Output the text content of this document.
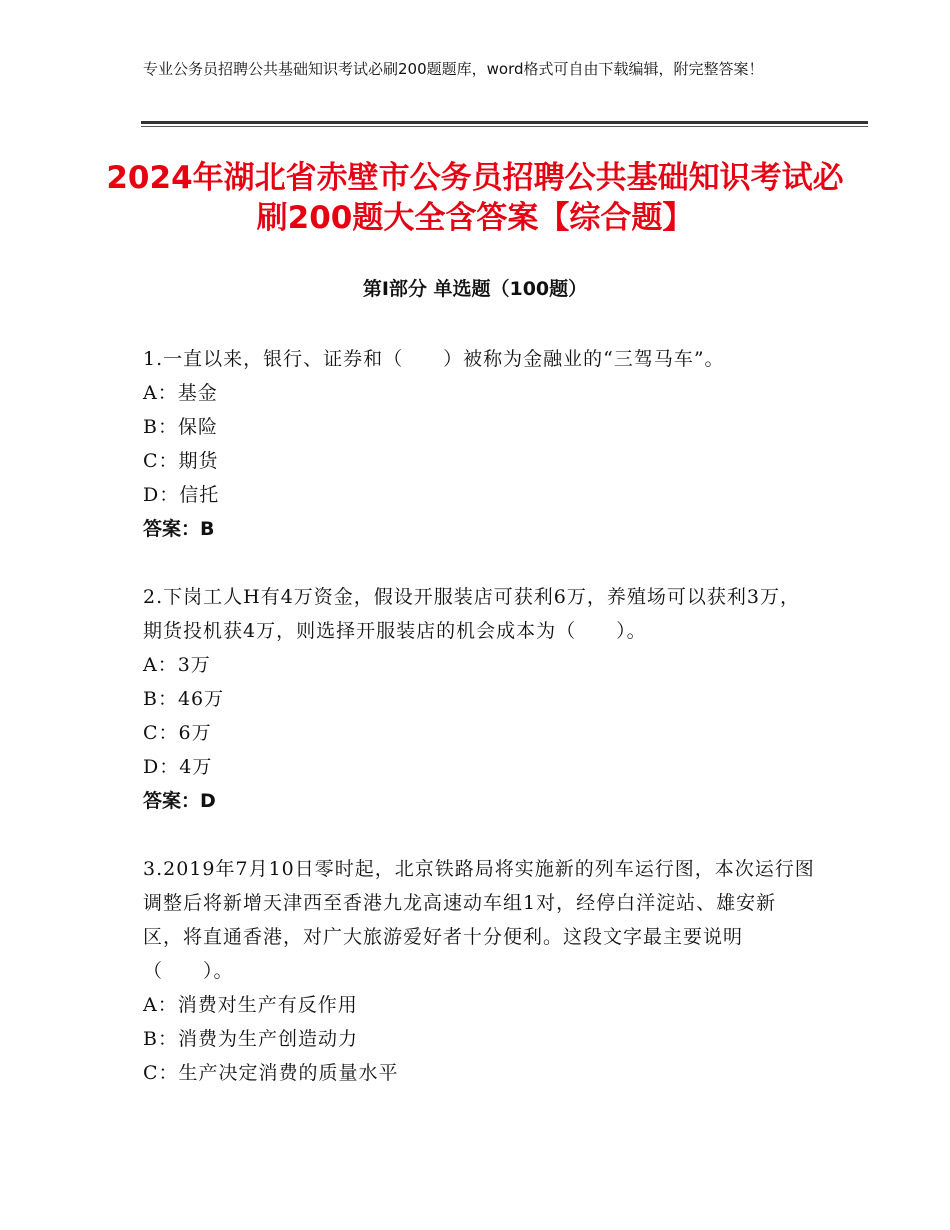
专业公务员招聘公共基础知识考试必刷200题题库，word格式可自由下载编辑，附完整答案！
2024年湖北省赤壁市公务员招聘公共基础知识考试必刷200题大全含答案【综合题】
第Ⅰ部分 单选题（100题）

1.一直以来，银行、证券和（　　）被称为金融业的“三驾马车”。

A：基金

B：保险

C：期货

D：信托

答案：B

2.下岗工人H有4万资金，假设开服装店可获利6万，养殖场可以获利3万，期货投机获4万，则选择开服装店的机会成本为（　　）。

A：3万

B：46万

C：6万

D：4万

答案：D

3.2019年7月10日零时起，北京铁路局将实施新的列车运行图，本次运行图调整后将新增天津西至香港九龙高速动车组1对，经停白洋淀站、雄安新区，将直通香港，对广大旅游爱好者十分便利。这段文字最主要说明（　　）。

A：消费对生产有反作用

B：消费为生产创造动力

C：生产决定消费的质量水平
